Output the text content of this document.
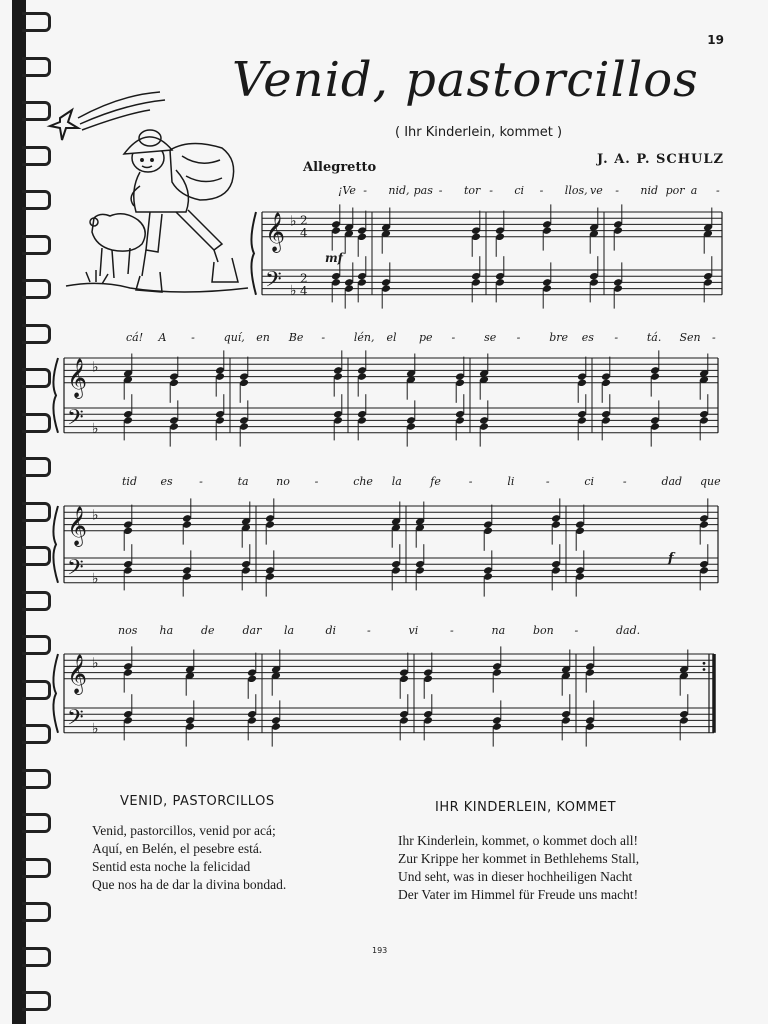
19
Venid, pastorcillos
( Ihr Kinderlein, kommet )
J. A. P. SCHULZ
Allegretto
𝄞
𝄢
♭
♭
2
4
2
4
𝄞
𝄢
♭
♭
𝄞
𝄢
♭
♭
𝄞
𝄢
♭
♭
mf
f
¡Ve - nid, pas - tor - ci - llos, ve - nid por a -
cá! A -	quí, en Be -	lén, el pe -	se -	bre es -	tá. Sen -
tid es -	ta	no -	che la	fe	-	li	-	ci	-	dad que
nos ha	de	dar la	di	-	vi	-	na	bon -	dad.
VENID, PASTORCILLOS
Venid, pastorcillos, venid por acá;
Aquí, en Belén, el pesebre está.
Sentid esta noche la felicidad
Que nos ha de dar la divina bondad.
IHR KINDERLEIN, KOMMET
Ihr Kinderlein, kommet, o kommet doch all!
Zur Krippe her kommet in Bethlehems Stall,
Und seht, was in dieser hochheiligen Nacht
Der Vater im Himmel für Freude uns macht!
193
